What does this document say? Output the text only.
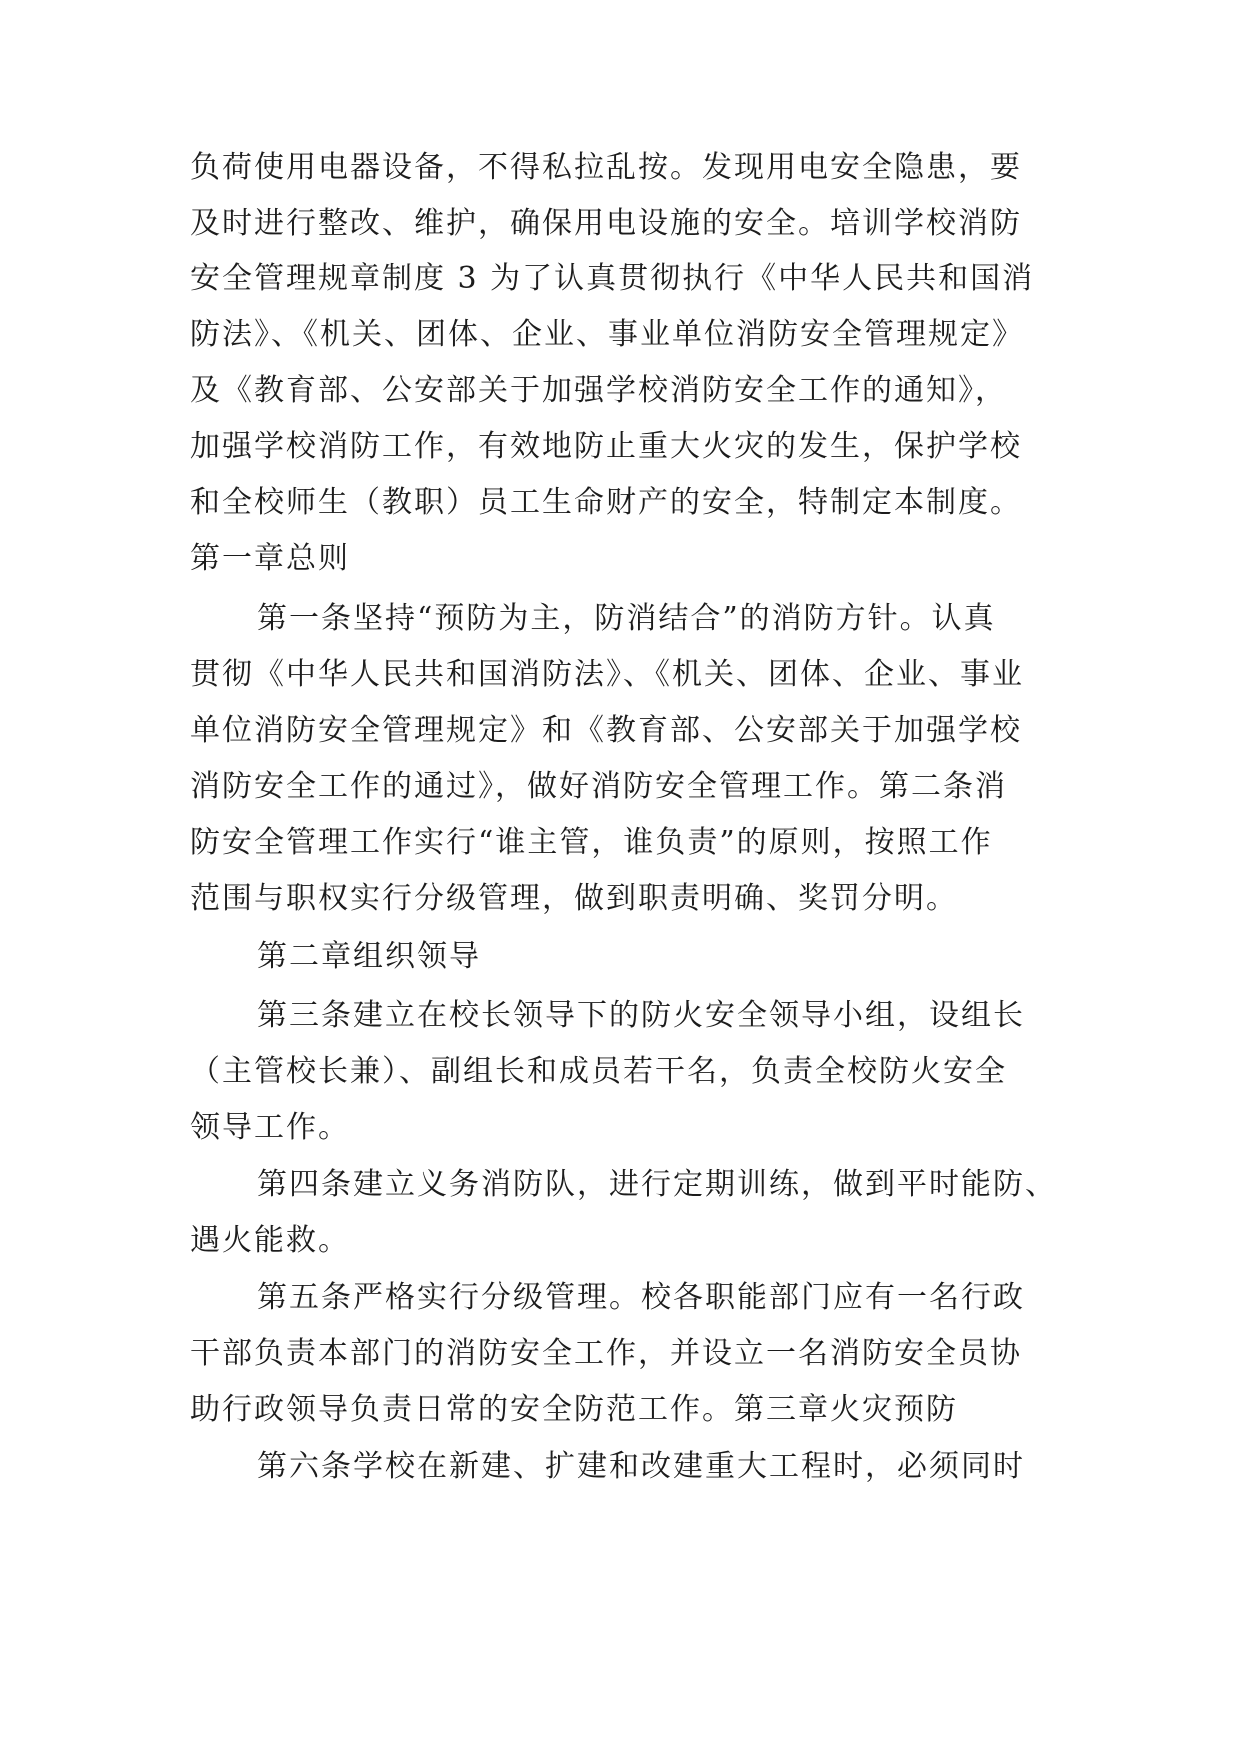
负荷使用电器设备，不得私拉乱按。发现用电安全隐患，要
及时进行整改、维护，确保用电设施的安全。培训学校消防
安全管理规章制度 3 为了认真贯彻执行《中华人民共和国消
防法》、《机关、团体、企业、事业单位消防安全管理规定》
及《教育部、公安部关于加强学校消防安全工作的通知》，
加强学校消防工作，有效地防止重大火灾的发生，保护学校
和全校师生（教职）员工生命财产的安全，特制定本制度。
第一章总则
第一条坚持“预防为主，防消结合”的消防方针。认真
贯彻《中华人民共和国消防法》、《机关、团体、企业、事业
单位消防安全管理规定》和《教育部、公安部关于加强学校
消防安全工作的通过》，做好消防安全管理工作。第二条消
防安全管理工作实行“谁主管，谁负责”的原则，按照工作
范围与职权实行分级管理，做到职责明确、奖罚分明。
第二章组织领导
第三条建立在校长领导下的防火安全领导小组，设组长
（主管校长兼）、副组长和成员若干名，负责全校防火安全
领导工作。
第四条建立义务消防队，进行定期训练，做到平时能防、
遇火能救。
第五条严格实行分级管理。校各职能部门应有一名行政
干部负责本部门的消防安全工作，并设立一名消防安全员协
助行政领导负责日常的安全防范工作。第三章火灾预防
第六条学校在新建、扩建和改建重大工程时，必须同时
